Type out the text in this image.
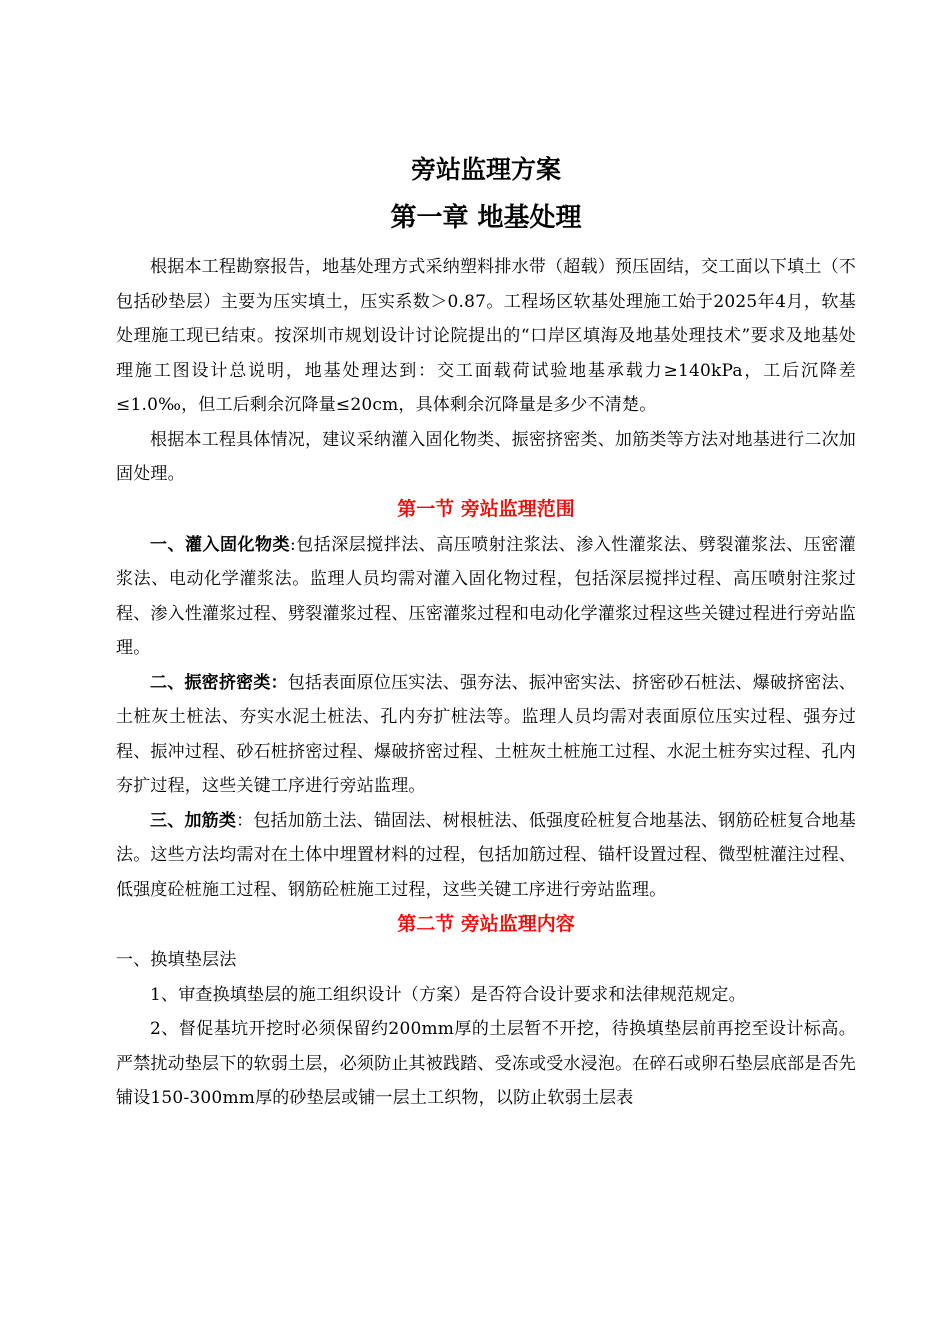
旁站监理方案
第一章 地基处理

根据本工程勘察报告，地基处理方式采纳塑料排水带（超载）预压固结，交工面以下填土（不包括砂垫层）主要为压实填土，压实系数＞0.87。工程场区软基处理施工始于2025年4月，软基处理施工现已结束。按深圳市规划设计讨论院提出的“口岸区填海及地基处理技术”要求及地基处理施工图设计总说明，地基处理达到：交工面载荷试验地基承载力≥140kPa，工后沉降差≤1.0‰，但工后剩余沉降量≤20cm，具体剩余沉降量是多少不清楚。

根据本工程具体情况，建议采纳灌入固化物类、振密挤密类、加筋类等方法对地基进行二次加固处理。

第一节 旁站监理范围

一、灌入固化物类:包括深层搅拌法、高压喷射注浆法、渗入性灌浆法、劈裂灌浆法、压密灌浆法、电动化学灌浆法。监理人员均需对灌入固化物过程，包括深层搅拌过程、高压喷射注浆过程、渗入性灌浆过程、劈裂灌浆过程、压密灌浆过程和电动化学灌浆过程这些关键过程进行旁站监理。

二、振密挤密类：包括表面原位压实法、强夯法、振冲密实法、挤密砂石桩法、爆破挤密法、土桩灰土桩法、夯实水泥土桩法、孔内夯扩桩法等。监理人员均需对表面原位压实过程、强夯过程、振冲过程、砂石桩挤密过程、爆破挤密过程、土桩灰土桩施工过程、水泥土桩夯实过程、孔内夯扩过程，这些关键工序进行旁站监理。

三、加筋类：包括加筋土法、锚固法、树根桩法、低强度砼桩复合地基法、钢筋砼桩复合地基法。这些方法均需对在土体中埋置材料的过程，包括加筋过程、锚杆设置过程、微型桩灌注过程、低强度砼桩施工过程、钢筋砼桩施工过程，这些关键工序进行旁站监理。

第二节 旁站监理内容

一、换填垫层法

1、审查换填垫层的施工组织设计（方案）是否符合设计要求和法律规范规定。

2、督促基坑开挖时必须保留约200mm厚的土层暂不开挖，待换填垫层前再挖至设计标高。严禁扰动垫层下的软弱土层，必须防止其被践踏、受冻或受水浸泡。在碎石或卵石垫层底部是否先铺设150-300mm厚的砂垫层或铺一层土工织物，以防止软弱土层表
